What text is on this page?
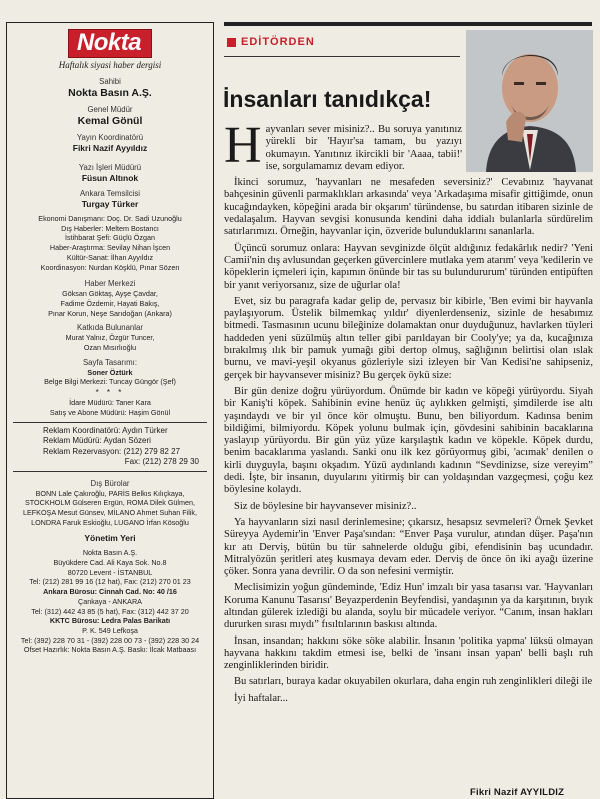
Nokta
Haftalık siyasi haber dergisi
Sahibi
Nokta Basın A.Ş.
Genel Müdür
Kemal Gönül
Yayın Koordinatörü
Fikri Nazif Ayyıldız
Yazı İşleri Müdürü
Füsun Altınok
Ankara Temsilcisi
Turgay Türker
Ekonomi Danışmanı: Doç. Dr. Sadi Uzunoğlu
Dış Haberler: Meltem Bostancı
İstihbarat Şefi: Güçlü Özgan
Haber-Araştırma: Sevilay Nihan İşcen
Kültür-Sanat: İlhan Ayyıldız
Koordinasyon: Nurdan Köşklü, Pınar Sözen
Haber Merkezi
Göksan Göktaş, Ayşe Çavdar,
Fadime Özdemir, Hayati Bakış,
Pınar Korun, Neşe Sarıdoğan (Ankara)
Katkıda Bulunanlar
Murat Yalnız, Özgür Tuncer,
Ozan Mısırlıoğlu
Sayfa Tasarımı:
Soner Öztürk
Belge Bilgi Merkezi: Tuncay Güngör (Şef)
* * *
İdare Müdürü: Taner Kara
Satış ve Abone Müdürü: Haşim Gönül
Reklam Koordinatörü: Aydın Türker
Reklam Müdürü: Aydan Sözeri
Reklam Rezervasyon: (212) 279 82 27
Fax: (212) 278 29 30
Dış Bürolar
BONN Lale Çakıroğlu, PARİS Belkıs Kılıçkaya,
STOCKHOLM Gülseren Ergün, ROMA Dilek Gülmen,
LEFKOŞA Mesut Günsev, MİLANO Ahmet Suhan Filik,
LONDRA Faruk Eskioğlu, LUGANO İrfan Kösoğlu
Yönetim Yeri
Nokta Basın A.Ş.
Büyükdere Cad. Ali Kaya Sok. No.8
80720 Levent - İSTANBUL
Tel: (212) 281 99 16 (12 hat), Fax: (212) 270 01 23
Ankara Bürosu: Cinnah Cad. No: 40 /16
Çankaya - ANKARA
Tel: (312) 442 43 85 (5 hat), Fax: (312) 442 37 20
KKTC Bürosu: Ledra Palas Barikatı
P. K. 549 Lefkoşa
Tel: (392) 228 70 31 - (392) 228 00 73 - (392) 228 30 24
Ofset Hazırlık: Nokta Basın A.Ş. Baskı: İlcak Matbaası
EDİTÖRDEN
İnsanları tanıdıkça!

Hayvanları sever misiniz?.. Bu soruya yanıtınız yürekli bir 'Hayır'sa tamam, bu yazıyı okumayın. Yanıtınız ikircikli bir 'Aaaa, tabii!' ise, sorgulamamız devam ediyor.

İkinci sorumuz, 'hayvanları ne mesafeden seversiniz?' Cevabınız 'hayvanat bahçesinin güvenli parmaklıkları arkasında' veya 'Arkadaşıma misafir gittiğimde, onun kucağındayken, köpeğini arada bir okşarım' türündense, bu satırdan itibaren sizinle de vedalaşalım. Hayvan sevgisi konusunda kendini daha iddialı bulanlarla sürdürelim satırlarımızı. Örneğin, hayvanlar için, özveride bulunduklarını sananlarla.

Üçüncü sorumuz onlara: Hayvan sevginizde ölçüt aldığınız fedakârlık nedir? 'Yeni Camii'nin dış avlusundan geçerken güvercinlere mutlaka yem atarım' veya 'kedilerin ve köpeklerin içmeleri için, kapımın önünde bir tas su bulundururum' türünden entipüften bir yanıt veriyorsanız, size de uğurlar ola!

Evet, siz bu paragrafa kadar gelip de, pervasız bir kibirle, 'Ben evimi bir hayvanla paylaşıyorum. Üstelik bilmemkaç yıldır' diyenlerdenseniz, sizinle de hesabımız bitmedi. Tasmasının ucunu bileğinize dolamaktan onur duyduğunuz, havlarken tüyleri haddeden yeni süzülmüş altın teller gibi parıldayan bir Cooly'ye; ya da, kucağınıza bırakılmış ılık bir pamuk yumağı gibi dertop olmuş, sağlığının belirtisi olan ıslak burnu, ve mavi-yeşil okyanus gözleriyle sizi izleyen bir Van Kedisi'ne sahipseniz, gerçek bir hayvansever misiniz? Bu gerçek öykü size:

Bir gün denize doğru yürüyordum. Önümde bir kadın ve köpeği yürüyordu. Siyah bir Kaniş'ti köpek. Sahibinin evine henüz üç aylıkken gelmişti, şimdilerde ise altı yaşındaydı ve bir yıl önce kör olmuştu. Bunu, ben biliyordum. Kadınsa benim bildiğimi, bilmiyordu. Köpek yolunu bulmak için, gövdesini sahibinin bacaklarına yaslayıp yürüyordu. Bir gün yüz yüze karşılaştık kadın ve köpekle. Köpek durdu, benim bacaklarıma yaslandı. Sanki onu ilk kez görüyormuş gibi, 'acımak' denilen o kirli duyguyla, başını okşadım. Yüzü aydınlandı kadının “Sevdinizse, size vereyim” dedi. İşte, bir insanın, duyularını yitirmiş bir can yoldaşından vazgeçmesi, çoğu kez böylesine kolaydı.

Siz de böylesine bir hayvansever misiniz?..

Ya hayvanların sizi nasıl derinlemesine; çıkarsız, hesapsız sevmeleri? Örnek Şevket Süreyya Aydemir'in 'Enver Paşa'sından: “Enver Paşa vurulur, atından düşer. Paşa'nın kır atı Derviş, bütün bu tür sahnelerde olduğu gibi, efendisinin baş ucundadır. Mitralyözün şeritleri ateş kusmaya devam eder. Derviş de önce ön iki ayağı üzerine çöker. Sonra yana devrilir. O da son nefesini vermiştir.

Meclisimizin yoğun gündeminde, 'Ediz Hun' imzalı bir yasa tasarısı var. 'Hayvanları Koruma Kanunu Tasarısı' Beyazperdenin Beyfendisi, yandaşının ya da karşıtının, bıyık altından gülerek izlediği bu alanda, soylu bir mücadele veriyor. “Canım, insan hakları dururken sırası mıydı” fısıltılarının baskısı altında.

İnsan, insandan; hakkını söke söke alabilir. İnsanın 'politika yapma' lüksü olmayan hayvana hakkını takdim etmesi ise, belki de 'insanı insan yapan' belli başlı ruh zenginliklerinden biridir.

Bu satırları, buraya kadar okuyabilen okurlara, daha engin ruh zenginlikleri dileği ile

İyi haftalar...

Fikri Nazif AYYILDIZ
